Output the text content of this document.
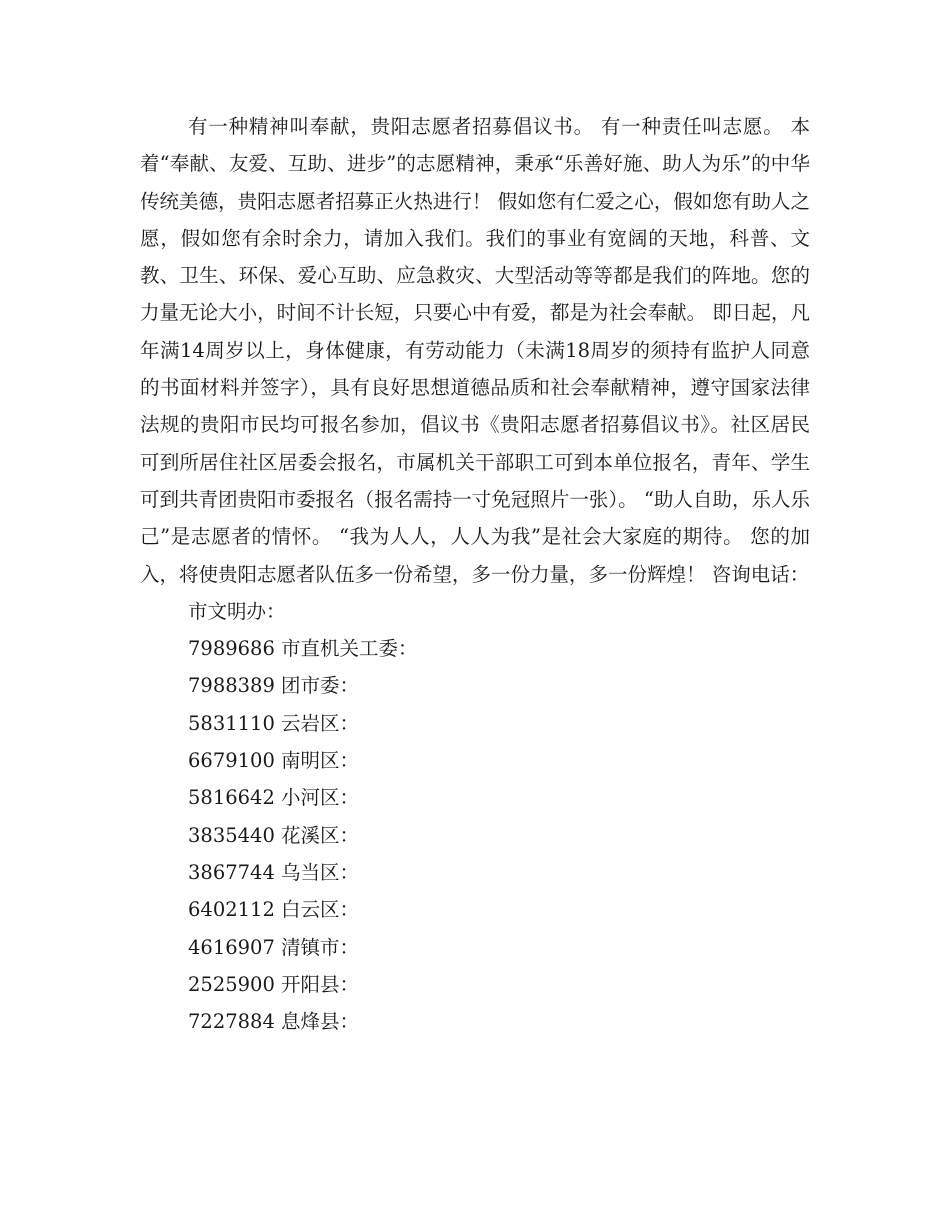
有一种精神叫奉献，贵阳志愿者招募倡议书。 有一种责任叫志愿。 本着“奉献、友爱、互助、进步”的志愿精神，秉承“乐善好施、助人为乐”的中华传统美德，贵阳志愿者招募正火热进行！ 假如您有仁爱之心，假如您有助人之愿，假如您有余时余力，请加入我们。我们的事业有宽阔的天地，科普、文教、卫生、环保、爱心互助、应急救灾、大型活动等等都是我们的阵地。您的力量无论大小，时间不计长短，只要心中有爱，都是为社会奉献。 即日起，凡年满14周岁以上，身体健康，有劳动能力（未满18周岁的须持有监护人同意的书面材料并签字），具有良好思想道德品质和社会奉献精神，遵守国家法律法规的贵阳市民均可报名参加，倡议书《贵阳志愿者招募倡议书》。社区居民可到所居住社区居委会报名，市属机关干部职工可到本单位报名，青年、学生可到共青团贵阳市委报名（报名需持一寸免冠照片一张）。 “助人自助，乐人乐己”是志愿者的情怀。 “我为人人，人人为我”是社会大家庭的期待。 您的加入，将使贵阳志愿者队伍多一份希望，多一份力量，多一份辉煌！ 咨询电话：

市文明办：

7989686 市直机关工委：

7988389 团市委：

5831110 云岩区：

6679100 南明区：

5816642 小河区：

3835440 花溪区：

3867744 乌当区：

6402112 白云区：

4616907 清镇市：

2525900 开阳县：

7227884 息烽县：
